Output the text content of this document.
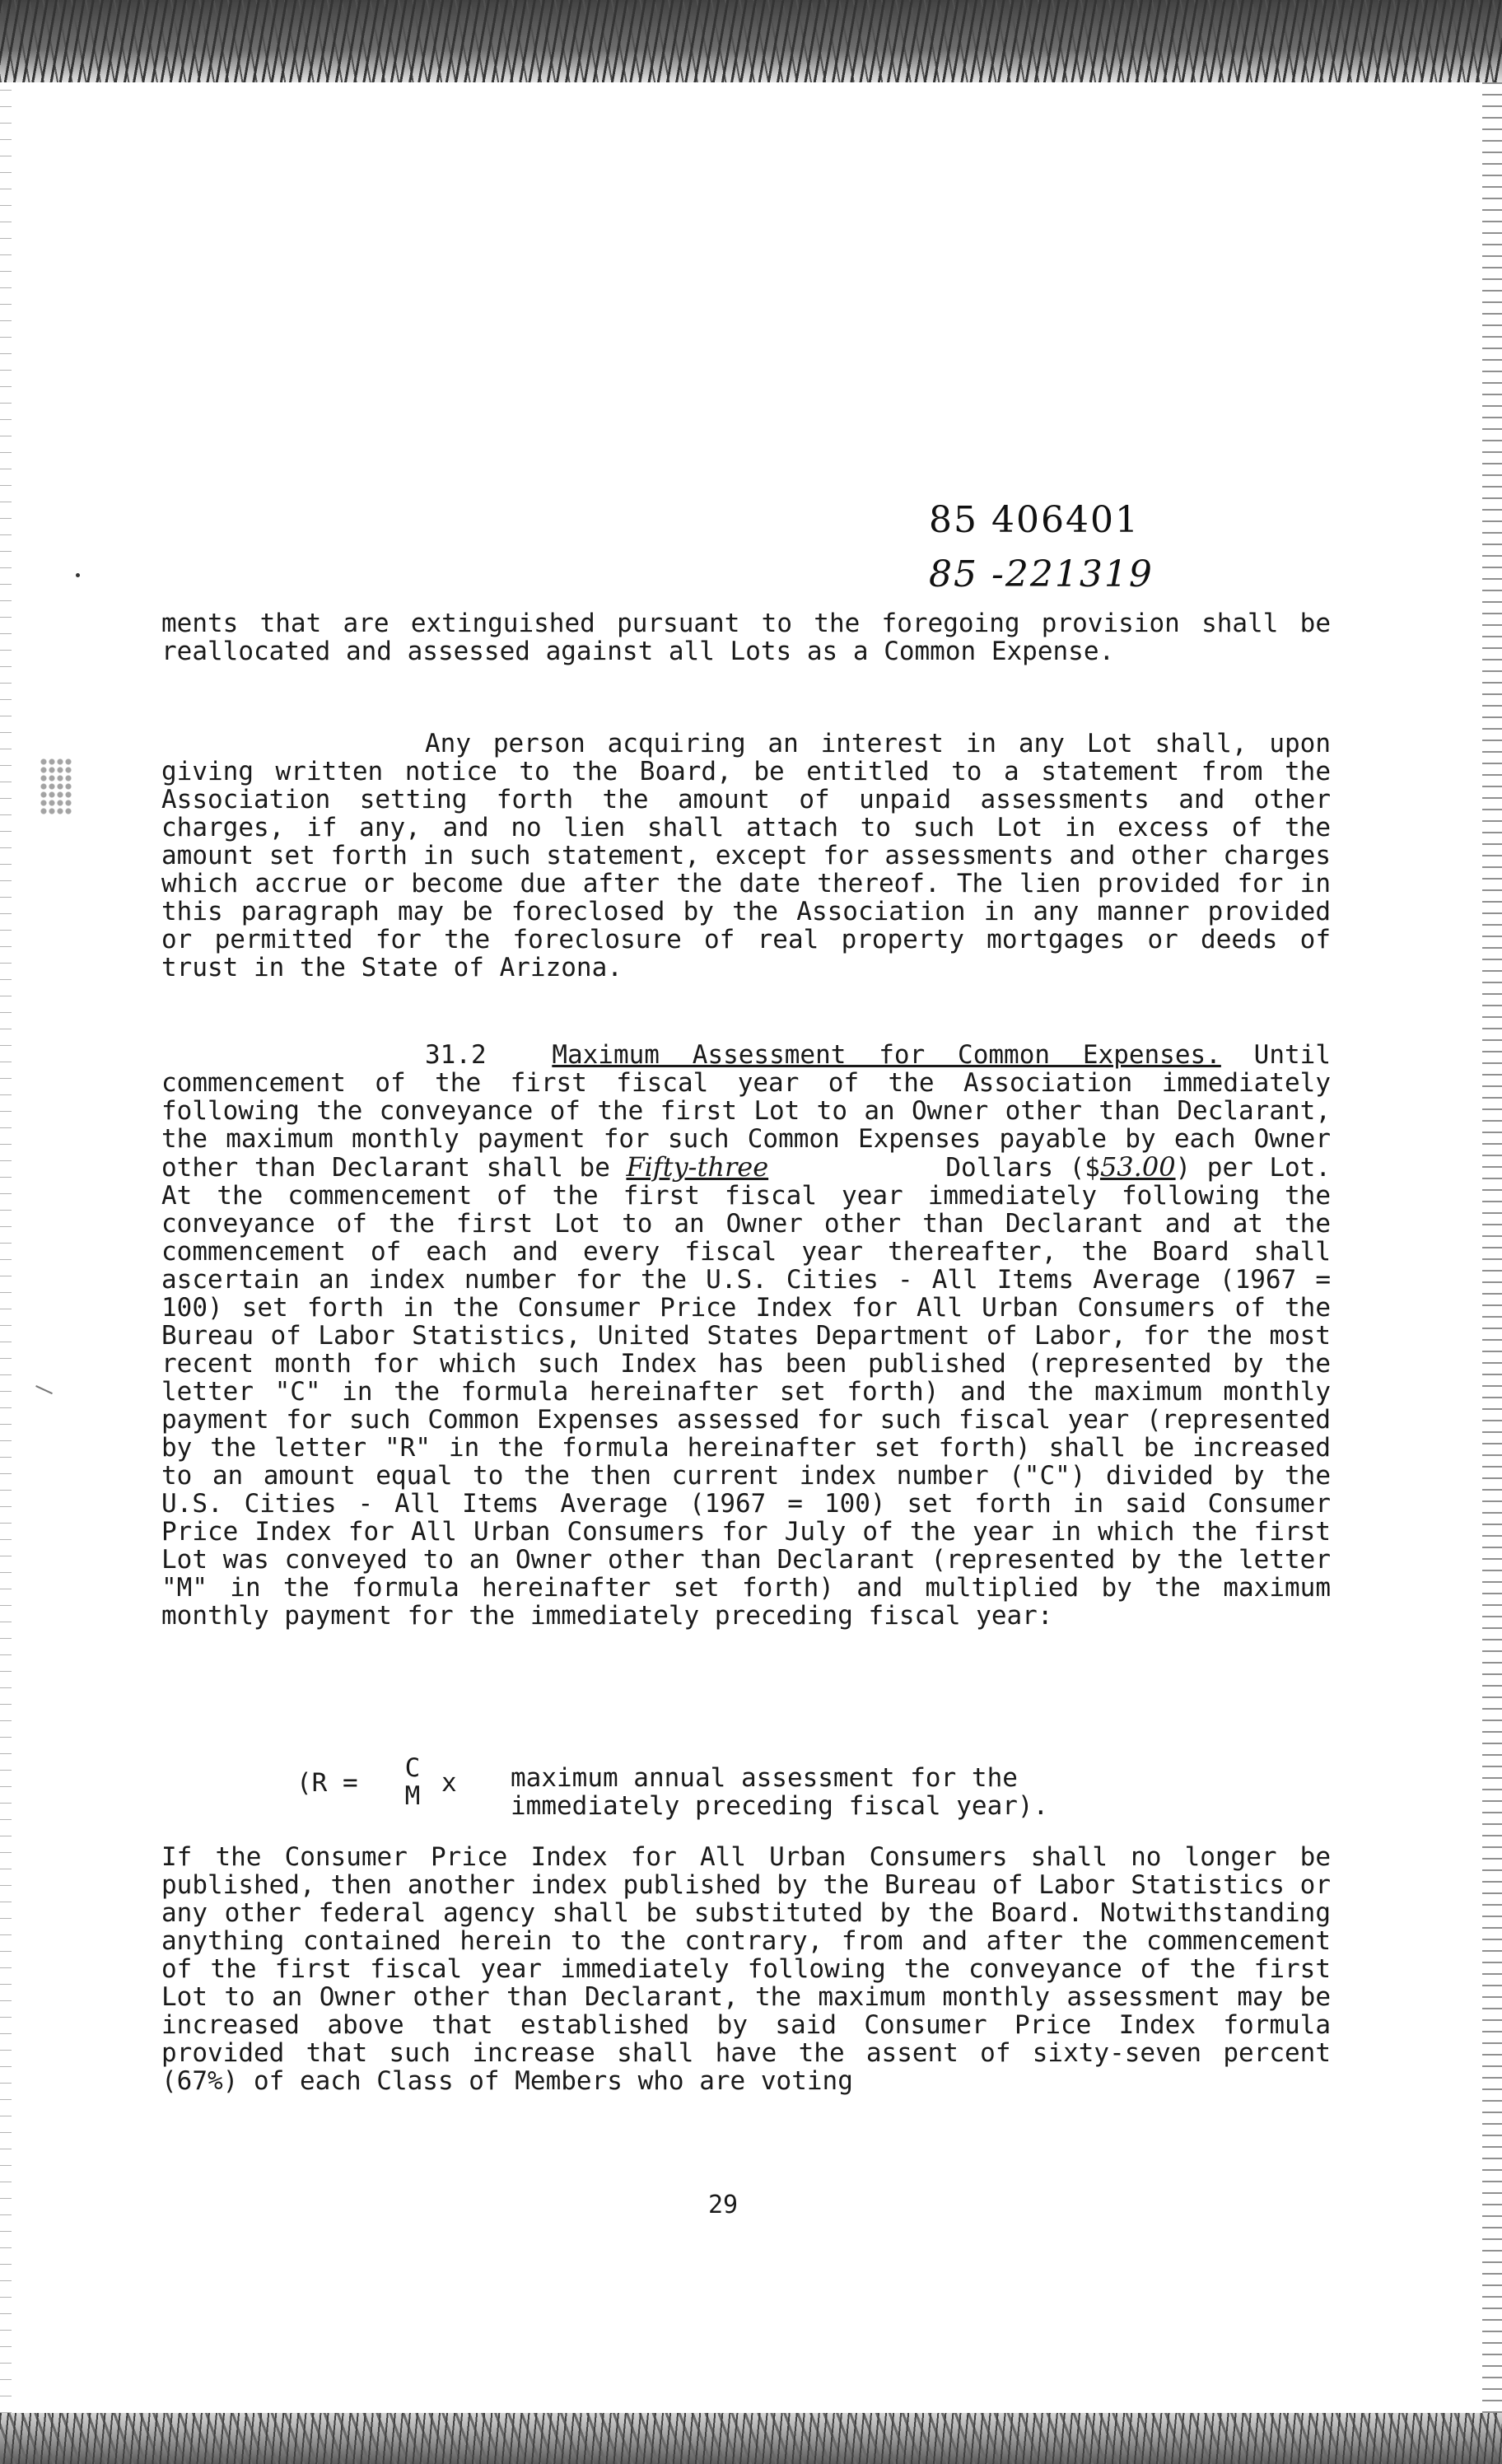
85 406401
85 -221319

ments that are extinguished pursuant to the foregoing provision shall be reallocated and assessed against all Lots as a Common Expense.

Any person acquiring an interest in any Lot shall, upon giving written notice to the Board, be entitled to a statement from the Association setting forth the amount of unpaid assessments and other charges, if any, and no lien shall attach to such Lot in excess of the amount set forth in such statement, except for assessments and other charges which accrue or become due after the date thereof. The lien provided for in this paragraph may be foreclosed by the Association in any manner provided or permitted for the foreclosure of real property mortgages or deeds of trust in the State of Arizona.

31.2	Maximum Assessment for Common Expenses. Until commencement of the first fiscal year of the Association immediately following the conveyance of the first Lot to an Owner other than Declarant, the maximum monthly payment for such Common Expenses payable by each Owner other than Declarant shall be Fifty-three	Dollars ($53.00) per Lot. At the commencement of the first fiscal year immediately following the conveyance of the first Lot to an Owner other than Declarant and at the commencement of each and every fiscal year thereafter, the Board shall ascertain an index number for the U.S. Cities - All Items Average (1967 = 100) set forth in the Consumer Price Index for All Urban Consumers of the Bureau of Labor Statistics, United States Department of Labor, for the most recent month for which such Index has been published (represented by the letter "C" in the formula hereinafter set forth) and the maximum monthly payment for such Common Expenses assessed for such fiscal year (represented by the letter "R" in the formula hereinafter set forth) shall be increased to an amount equal to the then current index number ("C") divided by the U.S. Cities - All Items Average (1967 = 100) set forth in said Consumer Price Index for All Urban Consumers for July of the year in which the first Lot was conveyed to an Owner other than Declarant (represented by the letter "M" in the formula hereinafter set forth) and multiplied by the maximum monthly payment for the immediately preceding fiscal year:

(R = C
M x maximum annual assessment for the
immediately preceding fiscal year).

If the Consumer Price Index for All Urban Consumers shall no longer be published, then another index published by the Bureau of Labor Statistics or any other federal agency shall be substituted by the Board. Notwithstanding anything contained herein to the contrary, from and after the commencement of the first fiscal year immediately following the conveyance of the first Lot to an Owner other than Declarant, the maximum monthly assessment may be increased above that established by said Consumer Price Index formula provided that such increase shall have the assent of sixty-seven percent (67%) of each Class of Members who are voting

29
